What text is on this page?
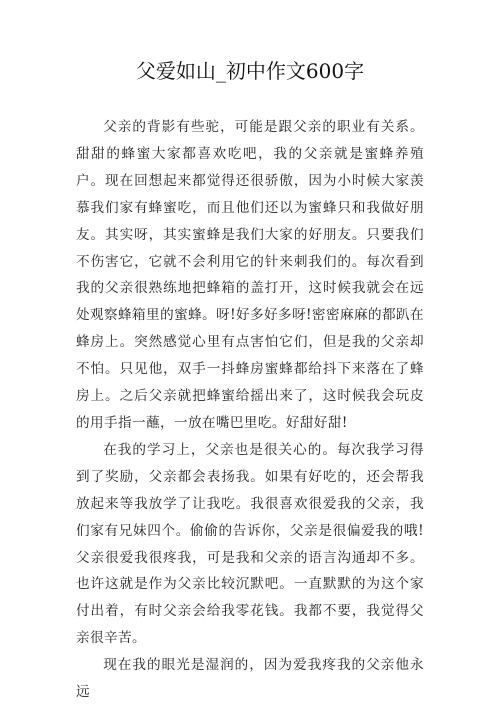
父爱如山_初中作文600字

父亲的背影有些驼，可能是跟父亲的职业有关系。甜甜的蜂蜜大家都喜欢吃吧，我的父亲就是蜜蜂养殖户。现在回想起来都觉得还很骄傲，因为小时候大家羡慕我们家有蜂蜜吃，而且他们还以为蜜蜂只和我做好朋友。其实呀，其实蜜蜂是我们大家的好朋友。只要我们不伤害它，它就不会利用它的针来刺我们的。每次看到我的父亲很熟练地把蜂箱的盖打开，这时候我就会在远处观察蜂箱里的蜜蜂。呀!好多好多呀!密密麻麻的都趴在蜂房上。突然感觉心里有点害怕它们，但是我的父亲却不怕。只见他，双手一抖蜂房蜜蜂都给抖下来落在了蜂房上。之后父亲就把蜂蜜给摇出来了，这时候我会玩皮的用手指一蘸，一放在嘴巴里吃。好甜好甜!

在我的学习上，父亲也是很关心的。每次我学习得到了奖励，父亲都会表扬我。如果有好吃的，还会帮我放起来等我放学了让我吃。我很喜欢很爱我的父亲，我们家有兄妹四个。偷偷的告诉你，父亲是很偏爱我的哦!父亲很爱我很疼我，可是我和父亲的语言沟通却不多。也许这就是作为父亲比较沉默吧。一直默默的为这个家付出着，有时父亲会给我零花钱。我都不要，我觉得父亲很辛苦。

现在我的眼光是湿润的，因为爱我疼我的父亲他永远
